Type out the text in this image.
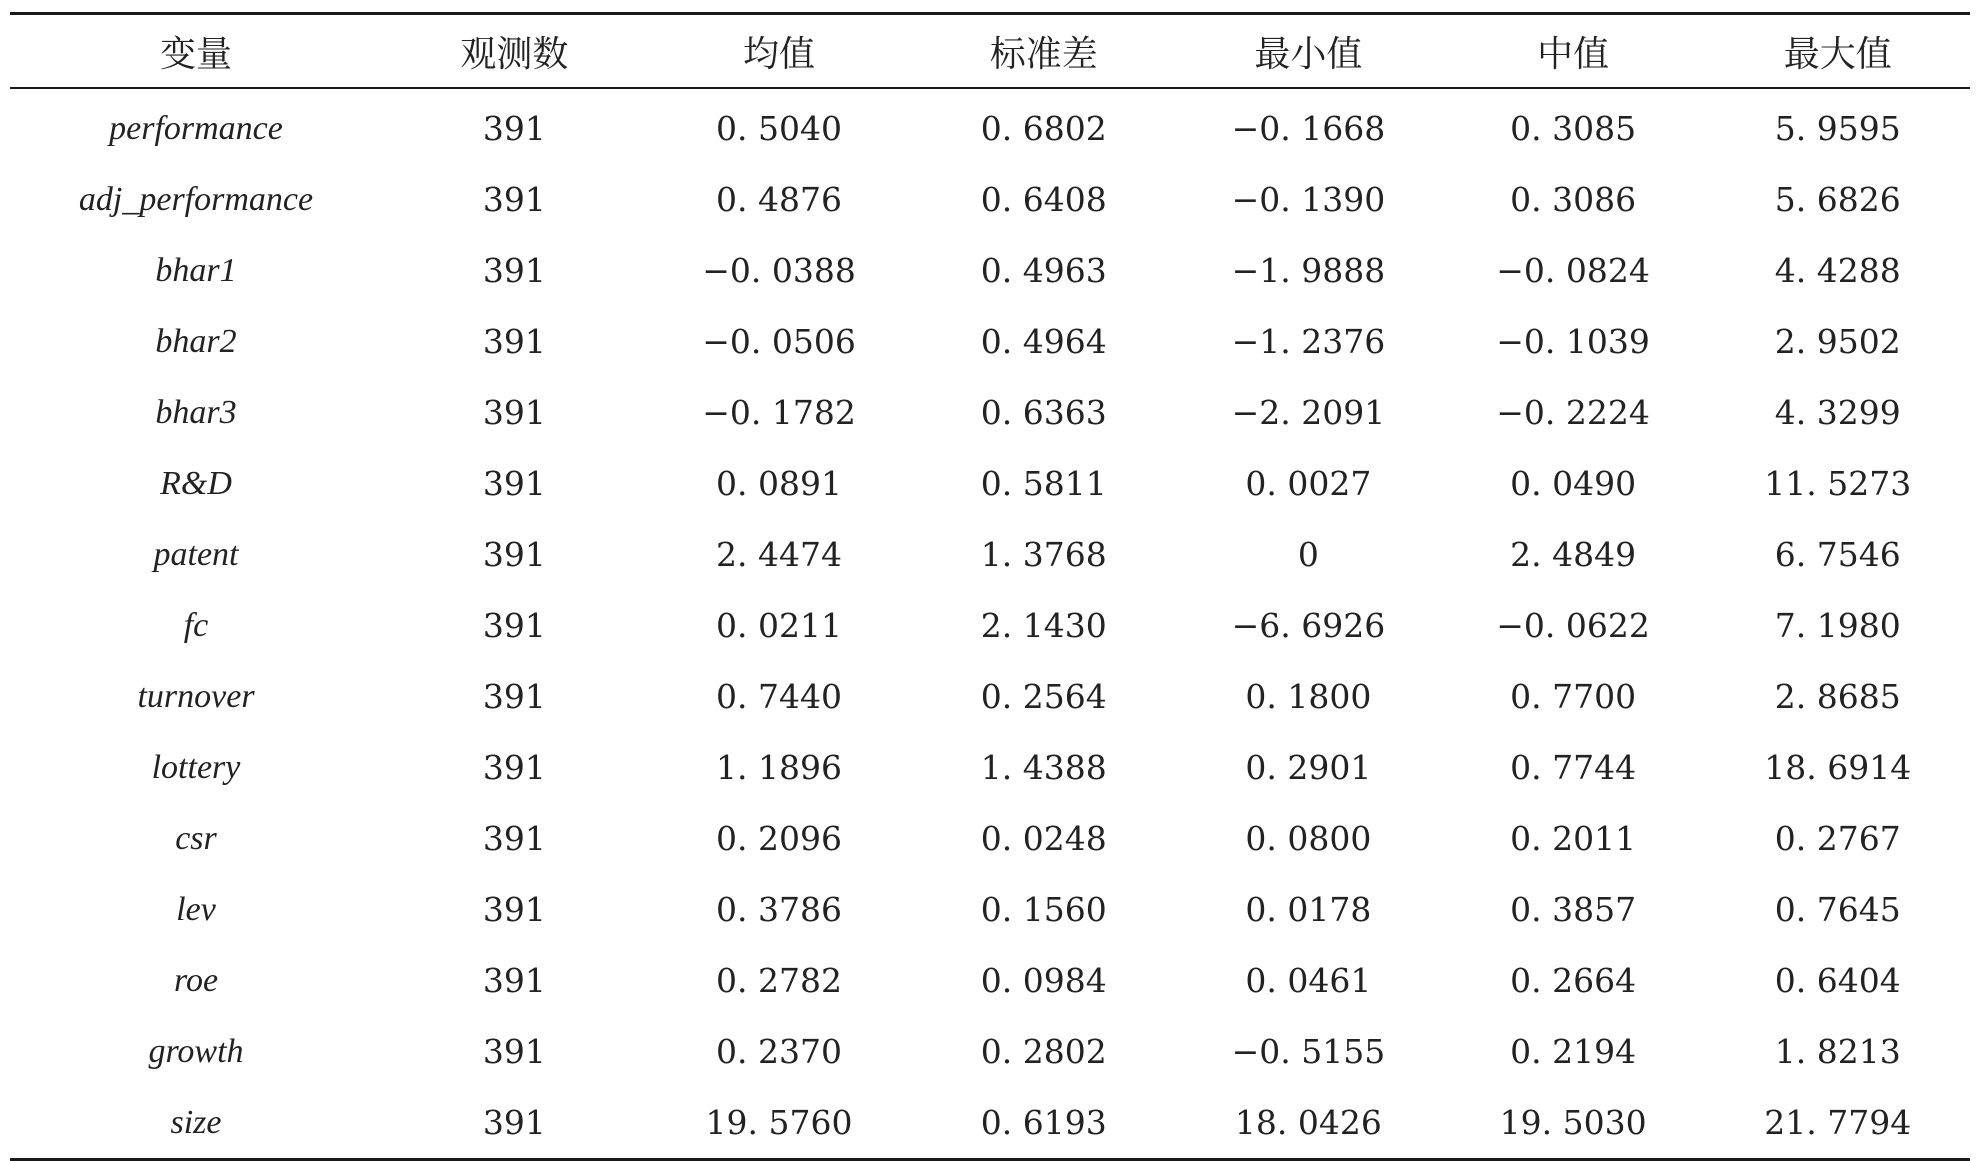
变量	观测数	均值	标准差	最小值	中值	最大值
performance	391	0. 5040	0. 6802	−0. 1668	0. 3085	5. 9595
adj_performance	391	0. 4876	0. 6408	−0. 1390	0. 3086	5. 6826
bhar1	391	−0. 0388	0. 4963	−1. 9888	−0. 0824	4. 4288
bhar2	391	−0. 0506	0. 4964	−1. 2376	−0. 1039	2. 9502
bhar3	391	−0. 1782	0. 6363	−2. 2091	−0. 2224	4. 3299
R&D	391	0. 0891	0. 5811	0. 0027	0. 0490	11. 5273
patent	391	2. 4474	1. 3768	0	2. 4849	6. 7546
fc	391	0. 0211	2. 1430	−6. 6926	−0. 0622	7. 1980
turnover	391	0. 7440	0. 2564	0. 1800	0. 7700	2. 8685
lottery	391	1. 1896	1. 4388	0. 2901	0. 7744	18. 6914
csr	391	0. 2096	0. 0248	0. 0800	0. 2011	0. 2767
lev	391	0. 3786	0. 1560	0. 0178	0. 3857	0. 7645
roe	391	0. 2782	0. 0984	0. 0461	0. 2664	0. 6404
growth	391	0. 2370	0. 2802	−0. 5155	0. 2194	1. 8213
size	391	19. 5760	0. 6193	18. 0426	19. 5030	21. 7794
